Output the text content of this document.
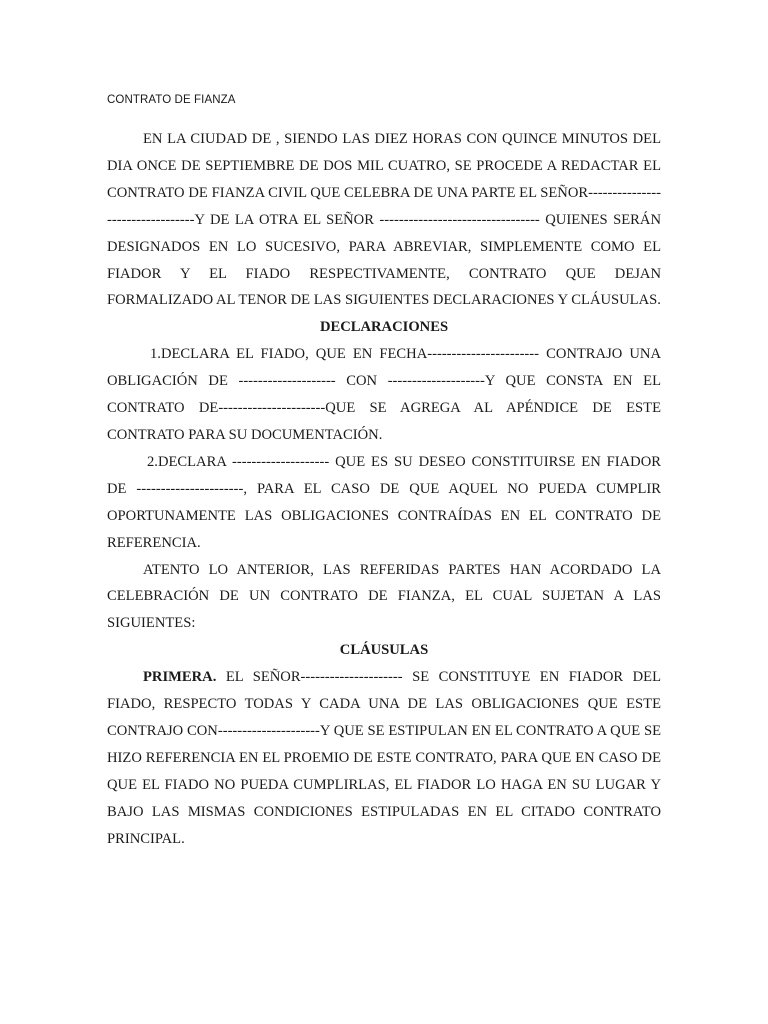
CONTRATO DE FIANZA

EN LA CIUDAD DE , SIENDO LAS DIEZ HORAS CON QUINCE MINUTOS DEL DIA ONCE DE SEPTIEMBRE DE DOS MIL CUATRO, SE PROCEDE A REDACTAR EL CONTRATO DE FIANZA CIVIL QUE CELEBRA DE UNA PARTE EL SEÑOR---------------------------------Y DE LA OTRA EL SEÑOR --------------------------------- QUIENES SERÁN DESIGNADOS EN LO SUCESIVO, PARA ABREVIAR, SIMPLEMENTE COMO EL FIADOR Y EL FIADO RESPECTIVAMENTE, CONTRATO QUE DEJAN FORMALIZADO AL TENOR DE LAS SIGUIENTES DECLARACIONES Y CLÁUSULAS.

DECLARACIONES

1.DECLARA EL FIADO, QUE EN FECHA----------------------- CONTRAJO UNA OBLIGACIÓN DE -------------------- CON --------------------Y QUE CONSTA EN EL CONTRATO DE----------------------QUE SE AGREGA AL APÉNDICE DE ESTE CONTRATO PARA SU DOCUMENTACIÓN.

2.DECLARA -------------------- QUE ES SU DESEO CONSTITUIRSE EN FIADOR DE ----------------------, PARA EL CASO DE QUE AQUEL NO PUEDA CUMPLIR OPORTUNAMENTE LAS OBLIGACIONES CONTRAÍDAS EN EL CONTRATO DE REFERENCIA.

ATENTO LO ANTERIOR, LAS REFERIDAS PARTES HAN ACORDADO LA CELEBRACIÓN DE UN CONTRATO DE FIANZA, EL CUAL SUJETAN A LAS SIGUIENTES:

CLÁUSULAS

PRIMERA. EL SEÑOR--------------------- SE CONSTITUYE EN FIADOR DEL FIADO, RESPECTO TODAS Y CADA UNA DE LAS OBLIGACIONES QUE ESTE CONTRAJO CON---------------------Y QUE SE ESTIPULAN EN EL CONTRATO A QUE SE HIZO REFERENCIA EN EL PROEMIO DE ESTE CONTRATO, PARA QUE EN CASO DE QUE EL FIADO NO PUEDA CUMPLIRLAS, EL FIADOR LO HAGA EN SU LUGAR Y BAJO LAS MISMAS CONDICIONES ESTIPULADAS EN EL CITADO CONTRATO PRINCIPAL.
